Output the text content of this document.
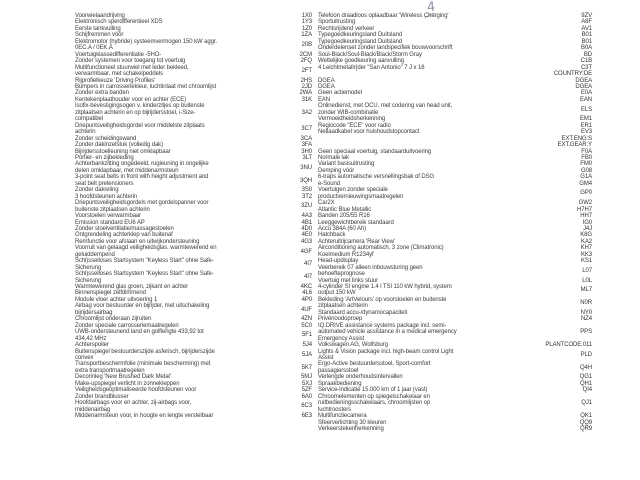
4
Voorwielaandrijving	1X0
Elektronisch sperdifferentieel XDS	1Y3
Eerste tankvulling	1Z0
Schijfremmen vóór	1ZA
Elektromotor (hybride) systeemvermogen 150 kW aggr. 0EC.A / 0EK.A
20B
Voertuigklassedifferentiatie -5HO-	2CM
Zonder systemen voor toegang tot voertuig	2FQ
Multifunctioneel stuurwiel met leder bekleed, verwarmbaar, met schakelpeddels
2FT
Rijprofielkeuze 'Driving Profiles'	2HS
Bumpers in carrosseriekleur, luchtinlaat met chroomlijst	2JD
Zonder extra banden	2WA
Kentekenplaathouder voor en achter (ECE)	31K
Isofix-bevestigingsogen v. kinderzitjes op buitenste zitplaatsen achterin en op bijrijdersstoel, i-Size-compatibel
3A2
Driepuntsveiligheidsgordel voor middelste zitplaats achterin
3C7
Zonder scheidingswand	3CA
Zonder dakinzetstuk (volledig dak)	3FA
Bijrijdersstoelleuning niet omklapbaar	3H0
Portier- en zijbekleding	3LT
Achterbankzitting ongedeeld, rugleuning in ongelijke delen omklapbaar, met middenarmsteun
3NU
3-point seat belts in front with height adjustment and seat belt pretensioners
3QH
Zonder dakreling	3S0
3 hoofdsteunen achterin	3T2
Driepuntsveiligheidsgordels met gordelspanner voor buitenste zitplaatsen achterin
3ZU
Voorstoelen verwarmbaar	4A3
Emission standard EU6 AP	4B1
Zonder stoelventilatie/massagestoelen	4D0
Ontgrendeling achterklep van buitenaf	4E0
Remfunctie voor afslaan en uitwijkondersteuning	4G3
Voorruit van gelaagd veiligheidsglas, warmtewerend en geluiddempend
4GF
Schl)sselloses Startsystem "Keyless Start" ohne Safe-Sicherung
4I7
Schl)sselloses Startsystem "Keyless Start" ohne Safe-Sicherung
4I7
Warmtewerend glas groen, zijkant en achter	4KC
Binnenspiegel zelfdimmend	4L6
Module vloer achter uitvoering 1	4P0
Airbag voor bestuurder en bijrijder, met uitschakeling bijrijdersairbag
4UF
Chroomlijst onderaan zijruiten	4ZN
Zonder speciale carrosseriemaatregelen	5C0
UWB-ondersteunend land en golflengte 433,92 tot 434,42 MHz
5F1
Achterspoiler	5J4
Buitenspiegel bestuurderszijde asferisch, bijrijderszijde convex
5JA
Transportbeschermfolie (minimale bescherming) met extra transportmaatregelen
5K7
Decorinleg 'New Brushed Dark Metal'	5MJ
Make-upspiegel verlicht in zonnekleppen	5XJ
Veiligheidsgeoptimaliseerde hoofdsteunen voor	5ZF
Zonder brandblusser	6A0
Hoofdairbags voor en achter, zij-airbags voor, middenairbag
6C3
Middenarmsteun voor, in hoogte en lengte verstelbaar	6E3
Telefoon draadloos oplaadbaar 'Wireless Charging'	9ZV
Sportuitrusting	A8F
Rechtsrijdend verkeer	AV1
Typegoedkeuringsland Duitsland	B01
Typegoedkeuringsland Duitsland	B01
Onderdelenset zonder landspecifiek bouwvoorschrift	B0A
Soul-Black/Soul-Black/Black/Storm Gray	BD
Wettelijke goedkeuring aanvulling	C1B
4 Leichtmetallr{der "San Antonio" 7 J x 16	C3T
COUNTRY:DE
DGEA	DGEA
DGEA	DGEA
Geen actiemodel	E0A
EAN	EAN
Onlinedienst, met OCU, met codering van head unit, zonder WIB-combinatie
ELS
Vermoeidheidsherkenning	EM1
Regiocode "ECE" voor radio	ER1
Netlaadkabel voor huishoudstopcontact	EV3
EXT.ENG:S
EXT.GEAR:Y
Geen speciaal voertuig, standaarduitvoering	F0A
Normale lak	FB0
Variant basisuitrusting	FM0
Demping vóór	G08
6-traps automatische versnellingsbak of DSG	G1A
e-Sound	GM4
Voertuigen zonder speciale productvernieuwingsmaatregelen
GP0
Car2X	GW2
Atlantic Blue Metallic	H7H7
Banden 205/55 R16	HH7
Leeggewichtbereik standaard	IG0
Accu 384A (60 Ah)	J4J
Hatchback	K8G
Achteruitrijcamera 'Rear View'	KA2
Airconditioning automatisch, 3 zone (Climatronic)	KH7
Koelmedium R1234yf	KK3
Head-updisplay	KS1
Veerbereik 07 alleen inbouwsturing geen behoefteprognose
L07
Voertuig met links stuur	L0L
4-cylinder SI engine 1.4 l TSI 110 kW hybrid, system output 150 kW
ML7
Bekleding 'ArtVelours' op voorstoelen en buitenste zitplaatsen achterin
N0R
Standaard accu-/dynamocapaciteit	NY0
Privénoodoproep	NZ4
IQ.DRIVE assistance systems package incl. semi-automated vehicle assistance in a medical emergency Emergency Assist
PPS
Volkswagen AG, Wolfsburg	PLANTCODE:011
Lights & Vision package incl. high-beam control Light Assist
PLD
Ergo-Active bestuurdersstoel, Sport-comfort passagiersstoel
Q4H
Verlengde onderhoudsintervallen	QG1
Spraakbediening	QH1
Service-indicatie 15.000 km of 1 jaar (vast)	QI4
Chroomelementen op spiegelschakelaar en ruitbedieningsschakelaars, chroomlijsten op luchtroosters
QJ1
Multifunctiecamera	QK1
Sfeerverlichting 30 kleuren	QQ9
Verkeerstekenherkenning	QR9
